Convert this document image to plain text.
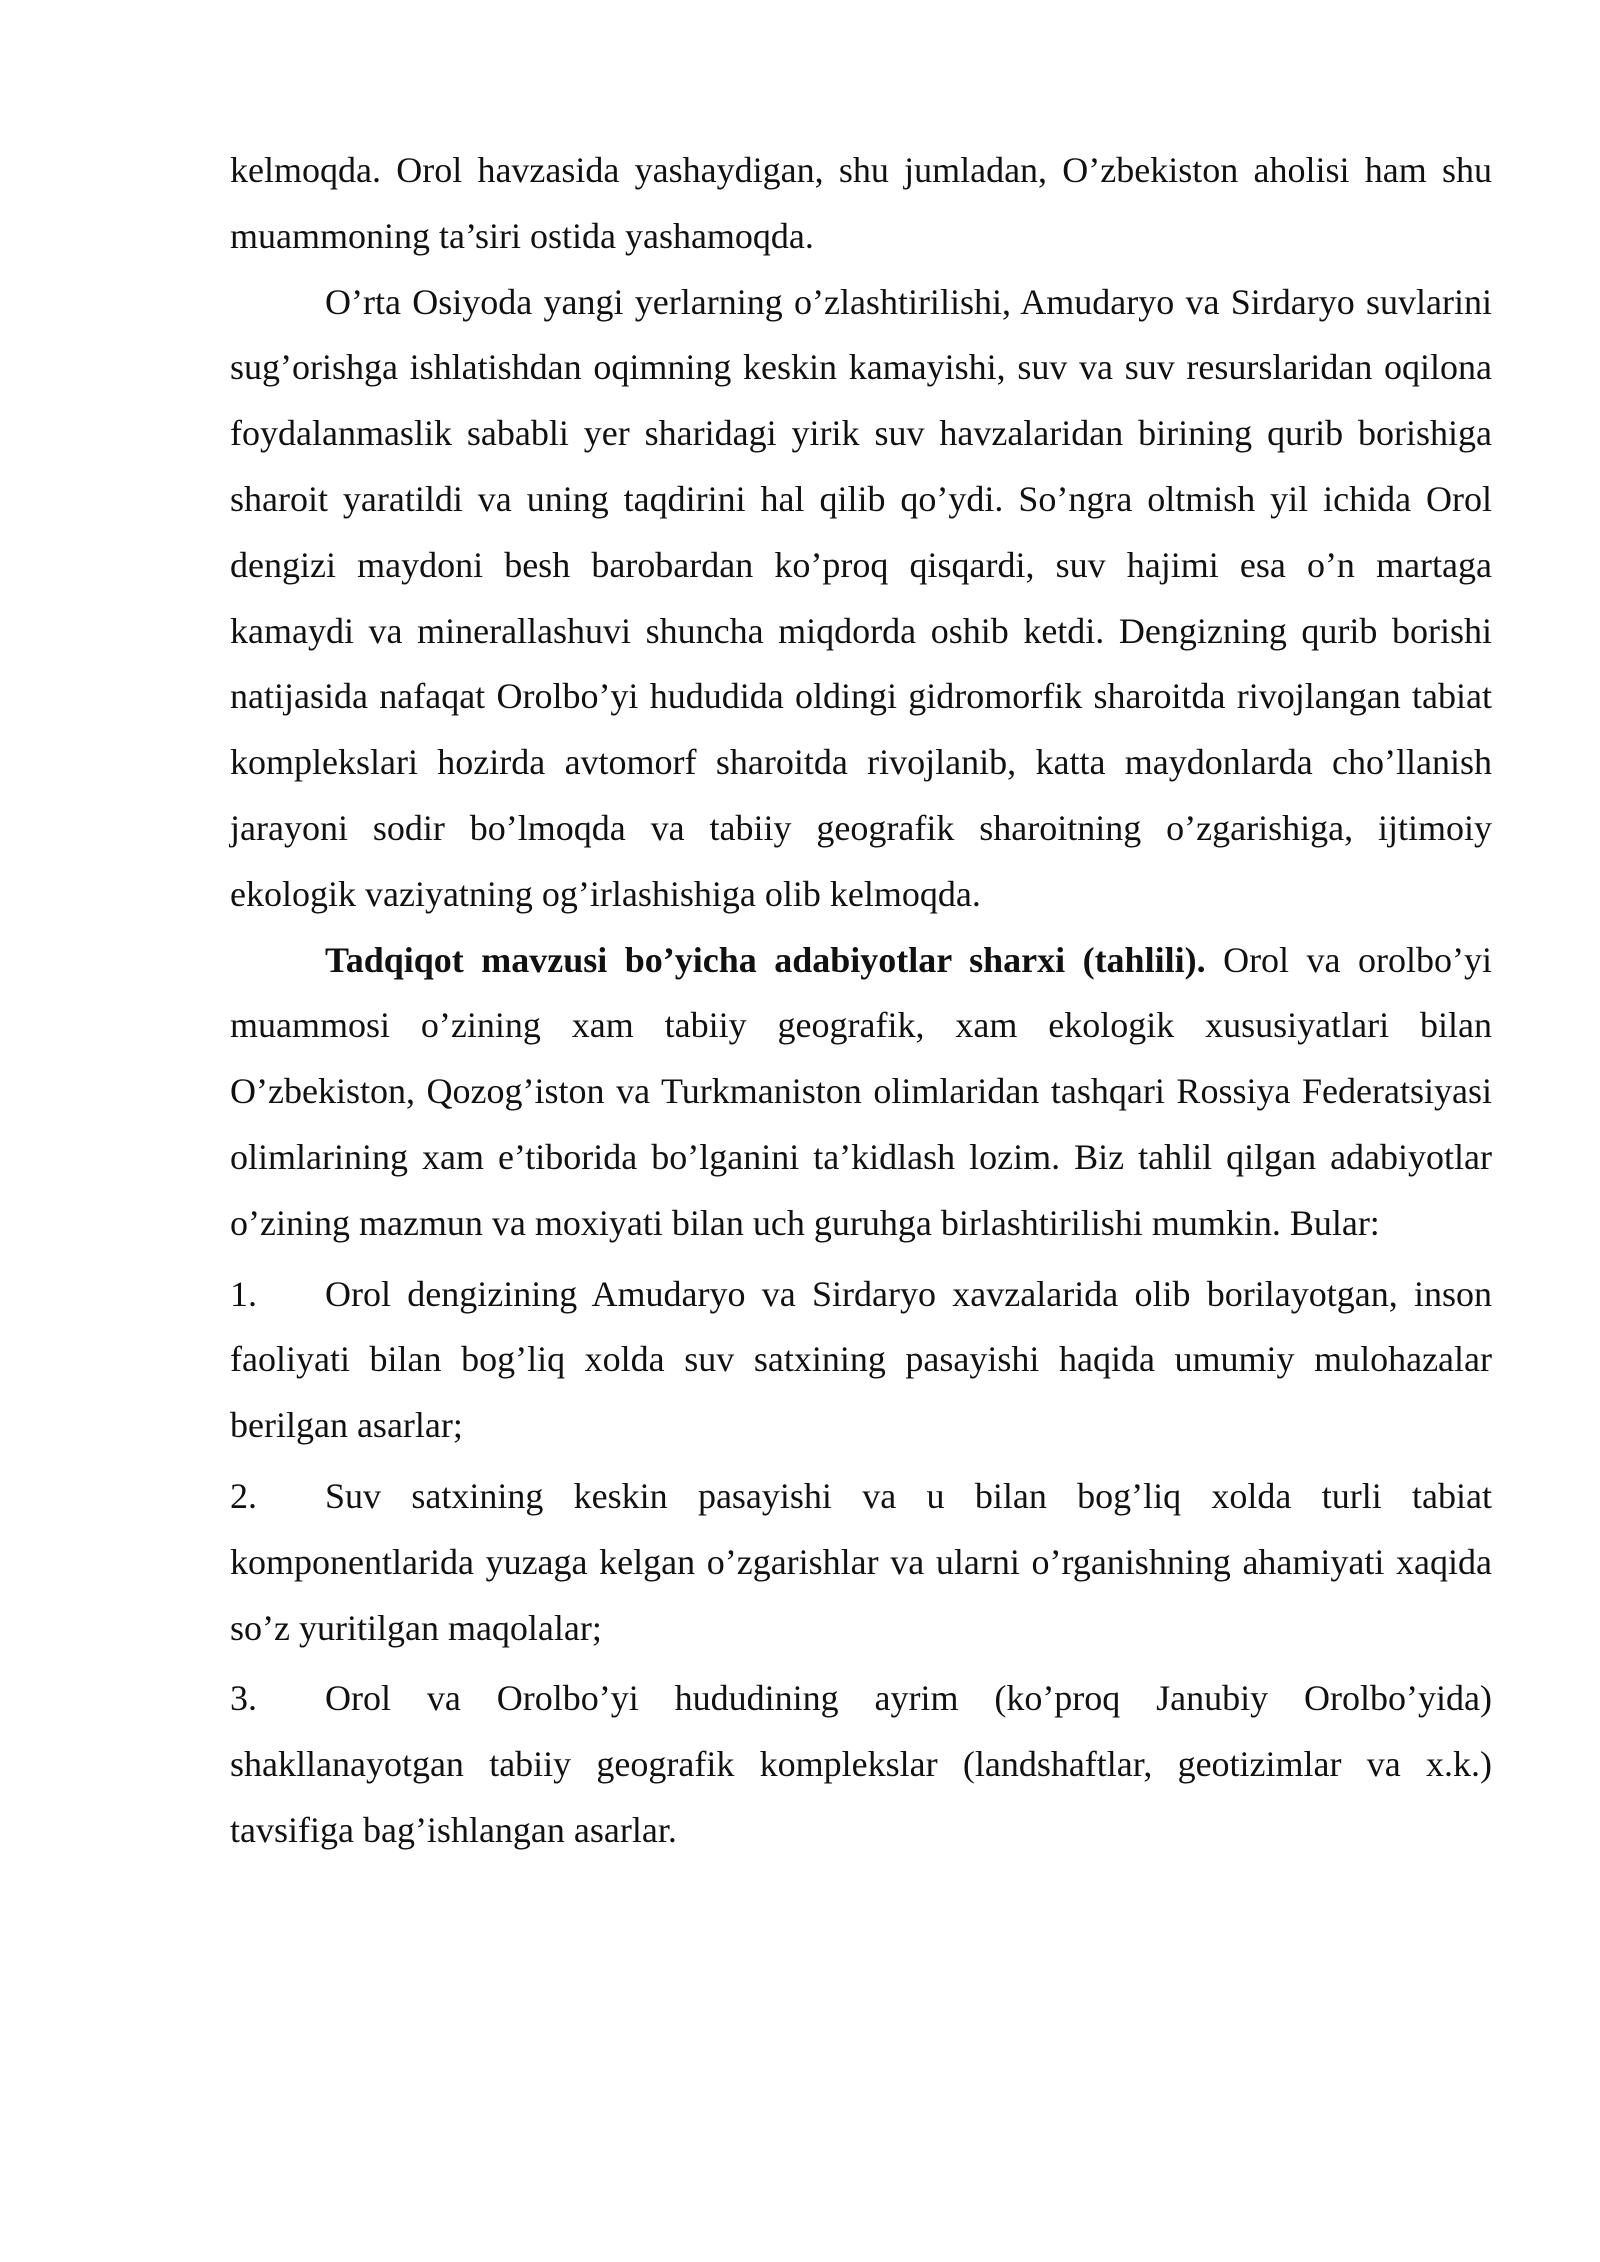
kelmoqda. Orol havzasida yashaydigan, shu jumladan, O’zbekiston aholisi ham shu muammoning ta’siri ostida yashamoqda.

O’rta Osiyoda yangi yerlarning o’zlashtirilishi, Amudaryo va Sirdaryo suvlarini sug’orishga ishlatishdan oqimning keskin kamayishi, suv va suv resurslaridan oqilona foydalanmaslik sababli yer sharidagi yirik suv havzalaridan birining qurib borishiga sharoit yaratildi va uning taqdirini hal qilib qo’ydi. So’ngra oltmish yil ichida Orol dengizi maydoni besh barobardan ko’proq qisqardi, suv hajimi esa o’n martaga kamaydi va minerallashuvi shuncha miqdorda oshib ketdi. Dengizning qurib borishi natijasida nafaqat Orolbo’yi hududida oldingi gidromorfik sharoitda rivojlangan tabiat komplekslari hozirda avtomorf sharoitda rivojlanib, katta maydonlarda cho’llanish jarayoni sodir bo’lmoqda va tabiiy geografik sharoitning o’zgarishiga, ijtimoiy ekologik vaziyatning og’irlashishiga olib kelmoqda.

Tadqiqot mavzusi bo’yicha adabiyotlar sharxi (tahlili). Orol va orolbo’yi muammosi o’zining xam tabiiy geografik, xam ekologik xususiyatlari bilan O’zbekiston, Qozog’iston va Turkmaniston olimlaridan tashqari Rossiya Federatsiyasi olimlarining xam e’tiborida bo’lganini ta’kidlash lozim. Biz tahlil qilgan adabiyotlar o’zining mazmun va moxiyati bilan uch guruhga birlashtirilishi mumkin. Bular:

1. Orol dengizining Amudaryo va Sirdaryo xavzalarida olib borilayotgan, inson faoliyati bilan bog’liq xolda suv satxining pasayishi haqida umumiy mulohazalar berilgan asarlar;

2. Suv satxining keskin pasayishi va u bilan bog’liq xolda turli tabiat komponentlarida yuzaga kelgan o’zgarishlar va ularni o’rganishning ahamiyati xaqida so’z yuritilgan maqolalar;

3. Orol va Orolbo’yi hududining ayrim (ko’proq Janubiy Orolbo’yida) shakllanayotgan tabiiy geografik komplekslar (landshaftlar, geotizimlar va x.k.) tavsifiga bag’ishlangan asarlar.
